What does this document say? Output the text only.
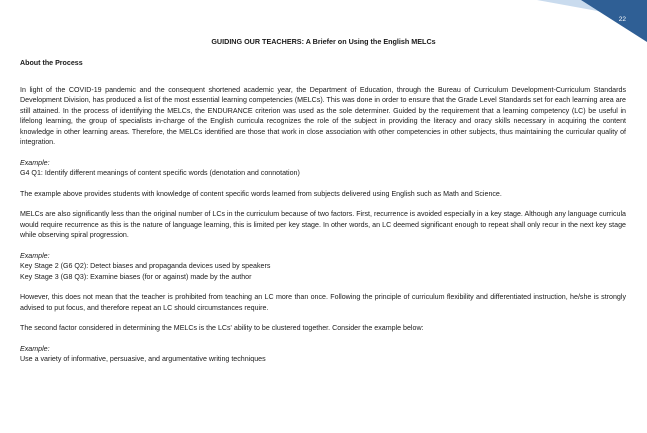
22
GUIDING OUR TEACHERS: A Briefer on Using the English MELCs

About the Process

In light of the COVID-19 pandemic and the consequent shortened academic year, the Department of Education, through the Bureau of Curriculum Development-Curriculum Standards Development Division, has produced a list of the most essential learning competencies (MELCs). This was done in order to ensure that the Grade Level Standards set for each learning area are still attained. In the process of identifying the MELCs, the ENDURANCE criterion was used as the sole determiner. Guided by the requirement that a learning competency (LC) be useful in lifelong learning, the group of specialists in-charge of the English curricula recognizes the role of the subject in providing the literacy and oracy skills necessary in acquiring the content knowledge in other learning areas. Therefore, the MELCs identified are those that work in close association with other competencies in other subjects, thus maintaining the curricular quality of integration.

Example:

G4 Q1: Identify different meanings of content specific words (denotation and connotation)

The example above provides students with knowledge of content specific words learned from subjects delivered using English such as Math and Science.

MELCs are also significantly less than the original number of LCs in the curriculum because of two factors. First, recurrence is avoided especially in a key stage. Although any language curricula would require recurrence as this is the nature of language learning, this is limited per key stage. In other words, an LC deemed significant enough to repeat shall only recur in the next key stage while observing spiral progression.

Example:

Key Stage 2 (G6 Q2): Detect biases and propaganda devices used by speakers

Key Stage 3 (G8 Q3): Examine biases (for or against) made by the author

However, this does not mean that the teacher is prohibited from teaching an LC more than once. Following the principle of curriculum flexibility and differentiated instruction, he/she is strongly advised to put focus, and therefore repeat an LC should circumstances require.

The second factor considered in determining the MELCs is the LCs' ability to be clustered together. Consider the example below:

Example:

Use a variety of informative, persuasive, and argumentative writing techniques
